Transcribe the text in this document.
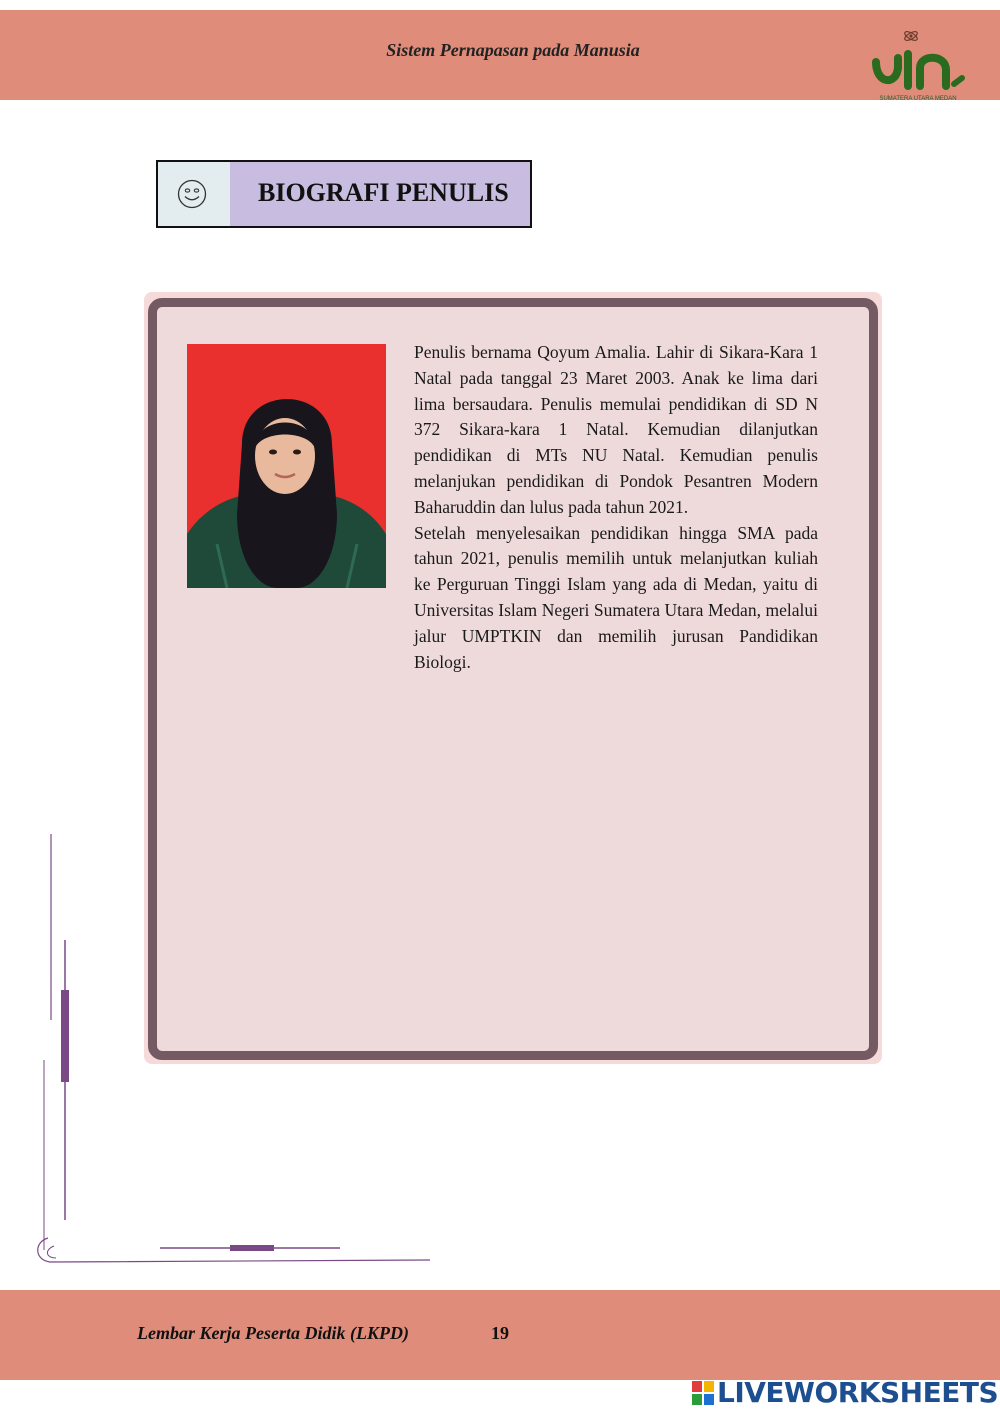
Sistem Pernapasan pada Manusia
SUMATERA UTARA MEDAN
BIOGRAFI PENULIS

Penulis bernama Qoyum Amalia. Lahir di Sikara-Kara 1 Natal pada tanggal 23 Maret 2003. Anak ke lima dari lima bersaudara. Penulis memulai pendidikan di SD N 372 Sikara-kara 1 Natal. Kemudian dilanjutkan pendidikan di MTs NU Natal. Kemudian penulis melanjukan pendidikan di Pondok Pesantren Modern Baharuddin dan lulus pada tahun 2021.

Setelah menyelesaikan pendidikan hingga SMA pada tahun 2021, penulis memilih untuk melanjutkan kuliah ke Perguruan Tinggi Islam yang ada di Medan, yaitu di Universitas Islam Negeri Sumatera Utara Medan, melalui jalur UMPTKIN dan memilih jurusan Pandidikan Biologi.

Lembar Kerja Peserta Didik (LKPD)	19
LIVEWORKSHEETS
